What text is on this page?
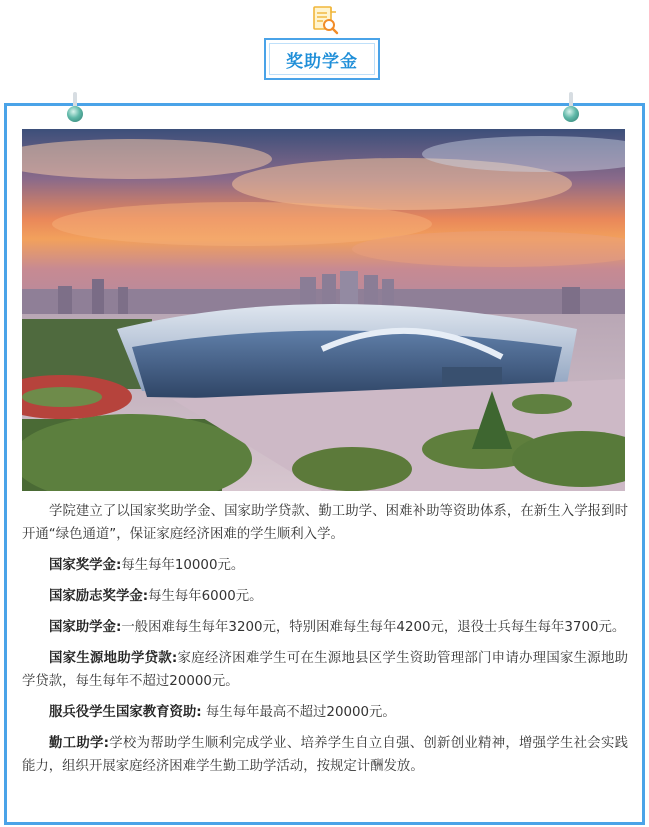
奖助学金

学院建立了以国家奖助学金、国家助学贷款、勤工助学、困难补助等资助体系，在新生入学报到时开通“绿色通道”，保证家庭经济困难的学生顺利入学。

国家奖学金:每生每年10000元。

国家励志奖学金:每生每年6000元。

国家助学金:一般困难每生每年3200元，特别困难每生每年4200元，退役士兵每生每年3700元。

国家生源地助学贷款:家庭经济困难学生可在生源地县区学生资助管理部门申请办理国家生源地助学贷款，每生每年不超过20000元。

服兵役学生国家教育资助: 每生每年最高不超过20000元。

勤工助学:学校为帮助学生顺利完成学业、培养学生自立自强、创新创业精神，增强学生社会实践能力，组织开展家庭经济困难学生勤工助学活动，按规定计酬发放。
